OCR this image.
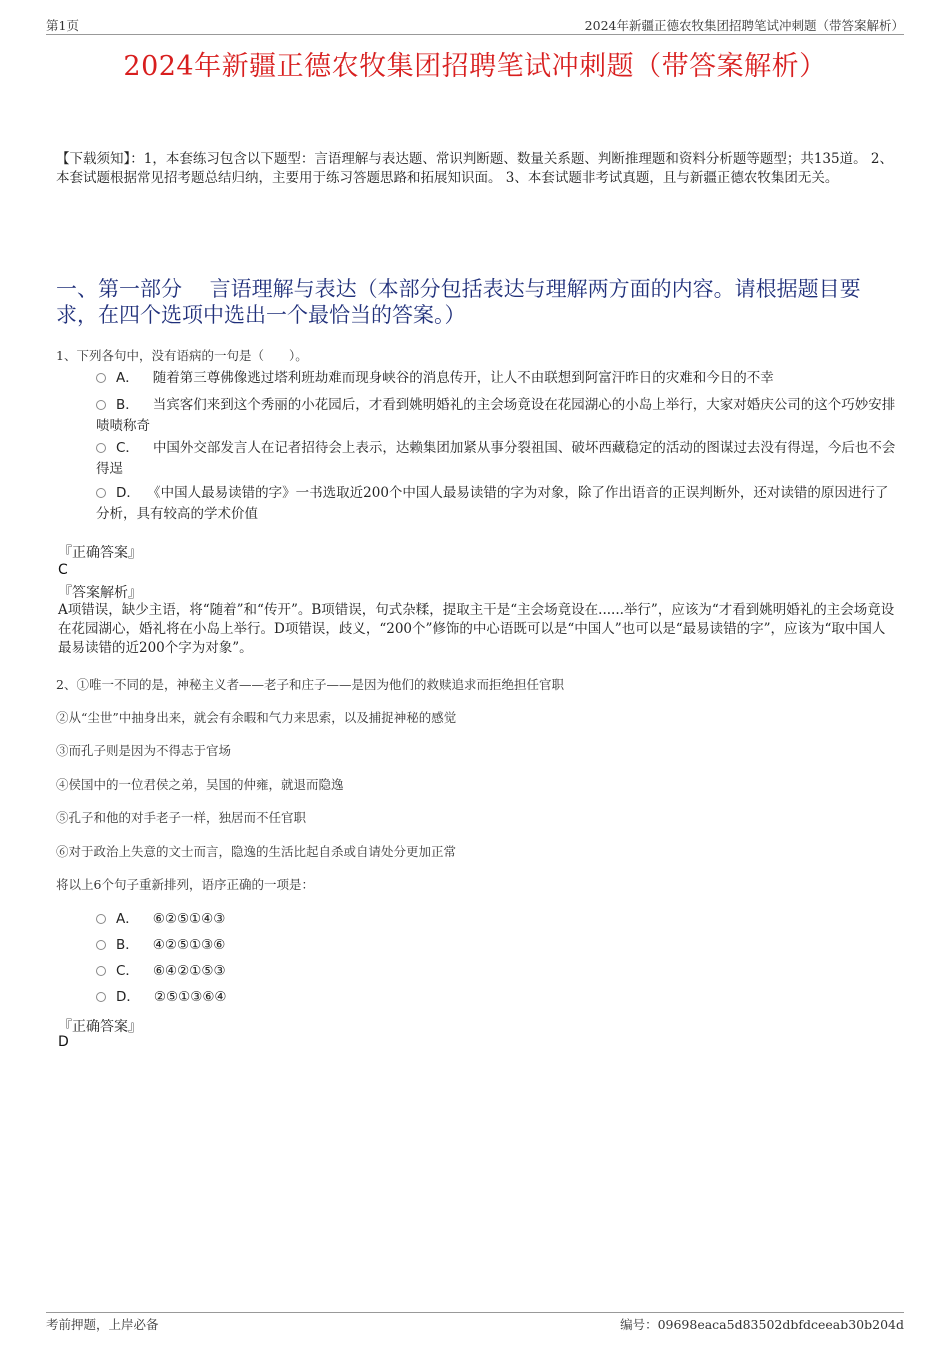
第1页	2024年新疆正德农牧集团招聘笔试冲刺题（带答案解析）
2024年新疆正德农牧集团招聘笔试冲刺题（带答案解析）
【下载须知】：1，本套练习包含以下题型：言语理解与表达题、常识判断题、数量关系题、判断推理题和资料分析题等题型；共135道。 2、本套试题根据常见招考题总结归纳，主要用于练习答题思路和拓展知识面。 3、本套试题非考试真题，且与新疆正德农牧集团无关。
一、第一部分　 言语理解与表达（本部分包括表达与理解两方面的内容。请根据题目要求，在四个选项中选出一个最恰当的答案。）
1、下列各句中，没有语病的一句是（　　）。
A． 随着第三尊佛像逃过塔利班劫难而现身峡谷的消息传开，让人不由联想到阿富汗昨日的灾难和今日的不幸
B． 当宾客们来到这个秀丽的小花园后，才看到姚明婚礼的主会场竟设在花园湖心的小岛上举行，大家对婚庆公司的这个巧妙安排啧啧称奇
C． 中国外交部发言人在记者招待会上表示，达赖集团加紧从事分裂祖国、破坏西藏稳定的活动的图谋过去没有得逞，今后也不会得逞
D． 《中国人最易读错的字》一书选取近200个中国人最易读错的字为对象，除了作出语音的正误判断外，还对读错的原因进行了分析，具有较高的学术价值
『正确答案』
C
『答案解析』
A项错误，缺少主语，将“随着”和“传开”。B项错误，句式杂糅，提取主干是“主会场竟设在......举行”，应该为“才看到姚明婚礼的主会场竟设在花园湖心，婚礼将在小岛上举行。D项错误，歧义，“200个”修饰的中心语既可以是“中国人”也可以是“最易读错的字”，应该为“取中国人最易读错的近200个字为对象”。
2、①唯一不同的是，神秘主义者——老子和庄子——是因为他们的救赎追求而拒绝担任官职
②从“尘世”中抽身出来，就会有余暇和气力来思索，以及捕捉神秘的感觉
③而孔子则是因为不得志于官场
④侯国中的一位君侯之弟，吴国的仲雍，就退而隐逸
⑤孔子和他的对手老子一样，独居而不任官职
⑥对于政治上失意的文士而言，隐逸的生活比起自杀或自请处分更加正常
将以上6个句子重新排列，语序正确的一项是：
A． ⑥②⑤①④③
B． ④②⑤①③⑥
C． ⑥④②①⑤③
D． ②⑤①③⑥④
『正确答案』
D
考前押题，上岸必备	编号：09698eaca5d83502dbfdceeab30b204d
